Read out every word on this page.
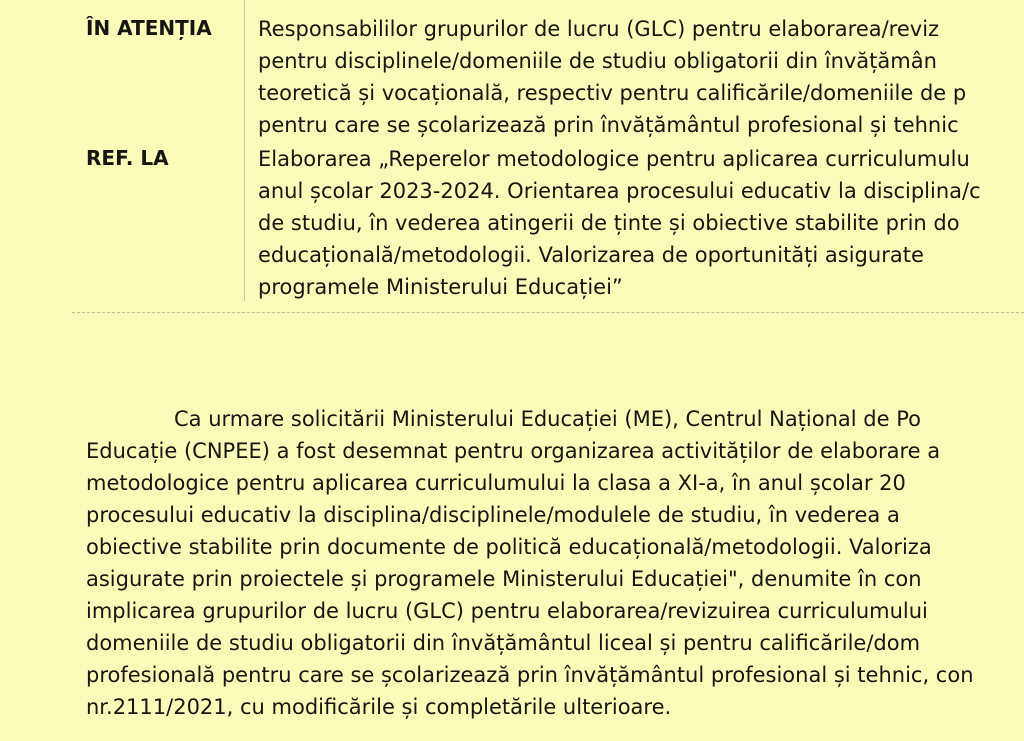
ÎN ATENȚIA Responsabililor grupurilor de lucru (GLC) pentru elaborarea/reviz
pentru disciplinele/domeniile de studiu obligatorii din învățămân
teoretică și vocațională, respectiv pentru calificările/domeniile de p
pentru care se școlarizează prin învățământul profesional și tehnic
REF. LA	Elaborarea „Reperelor metodologice pentru aplicarea curriculumulu
anul școlar 2023-2024. Orientarea procesului educativ la disciplina/c
de studiu, în vederea atingerii de ținte și obiective stabilite prin do
educațională/metodologii. Valorizarea de oportunități asigurate
programele Ministerului Educației”
Ca urmare solicitării Ministerului Educației (ME), Centrul Național de Po
Educație (CNPEE) a fost desemnat pentru organizarea activităților de elaborare a
metodologice pentru aplicarea curriculumului la clasa a XI-a, în anul școlar 20
procesului educativ la disciplina/disciplinele/modulele de studiu, în vederea a
obiective stabilite prin documente de politică educațională/metodologii. Valoriza
asigurate prin proiectele și programele Ministerului Educației", denumite în con
implicarea grupurilor de lucru (GLC) pentru elaborarea/revizuirea curriculumului
domeniile de studiu obligatorii din învățământul liceal și pentru calificările/dom
profesională pentru care se școlarizează prin învățământul profesional și tehnic, con
nr.2111/2021, cu modificările și completările ulterioare.
